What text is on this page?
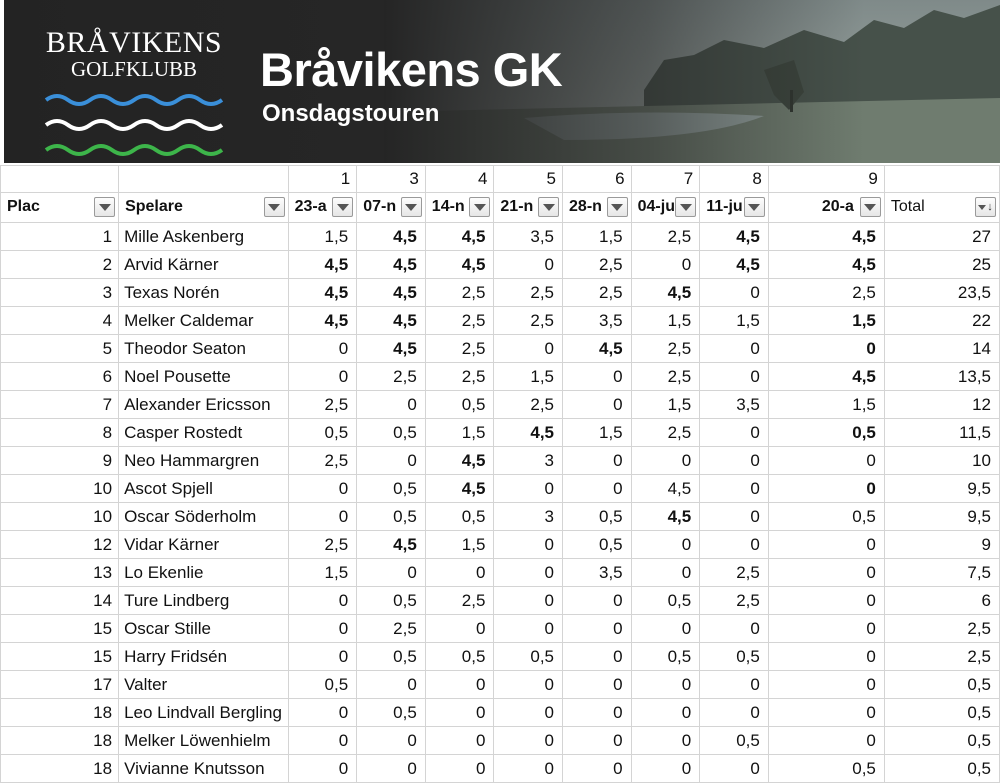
BRÅVIKENS
GOLFKLUBB	Bråvikens GK
Onsdagstouren
		1	3	4	5	6	7	8	9	
Plac	Spelare	23-a	07-n	14-n	21-n	28-n	04-ju	11-ju	20-a	Total ↓

1	Mille Askenberg	1,5	4,5	4,5	3,5	1,5	2,5	4,5	4,5	27
2	Arvid Kärner	4,5	4,5	4,5	0	2,5	0	4,5	4,5	25
3	Texas Norén	4,5	4,5	2,5	2,5	2,5	4,5	0	2,5	23,5
4	Melker Caldemar	4,5	4,5	2,5	2,5	3,5	1,5	1,5	1,5	22
5	Theodor Seaton	0	4,5	2,5	0	4,5	2,5	0	0	14
6	Noel Pousette	0	2,5	2,5	1,5	0	2,5	0	4,5	13,5
7	Alexander Ericsson	2,5	0	0,5	2,5	0	1,5	3,5	1,5	12
8	Casper Rostedt	0,5	0,5	1,5	4,5	1,5	2,5	0	0,5	11,5
9	Neo Hammargren	2,5	0	4,5	3	0	0	0	0	10
10	Ascot Spjell	0	0,5	4,5	0	0	4,5	0	0	9,5
10	Oscar Söderholm	0	0,5	0,5	3	0,5	4,5	0	0,5	9,5
12	Vidar Kärner	2,5	4,5	1,5	0	0,5	0	0	0	9
13	Lo Ekenlie	1,5	0	0	0	3,5	0	2,5	0	7,5
14	Ture Lindberg	0	0,5	2,5	0	0	0,5	2,5	0	6
15	Oscar Stille	0	2,5	0	0	0	0	0	0	2,5
15	Harry Fridsén	0	0,5	0,5	0,5	0	0,5	0,5	0	2,5
17	Valter	0,5	0	0	0	0	0	0	0	0,5
18	Leo Lindvall Bergling	0	0,5	0	0	0	0	0	0	0,5
18	Melker Löwenhielm	0	0	0	0	0	0	0,5	0	0,5
18	Vivianne Knutsson	0	0	0	0	0	0	0	0,5	0,5
